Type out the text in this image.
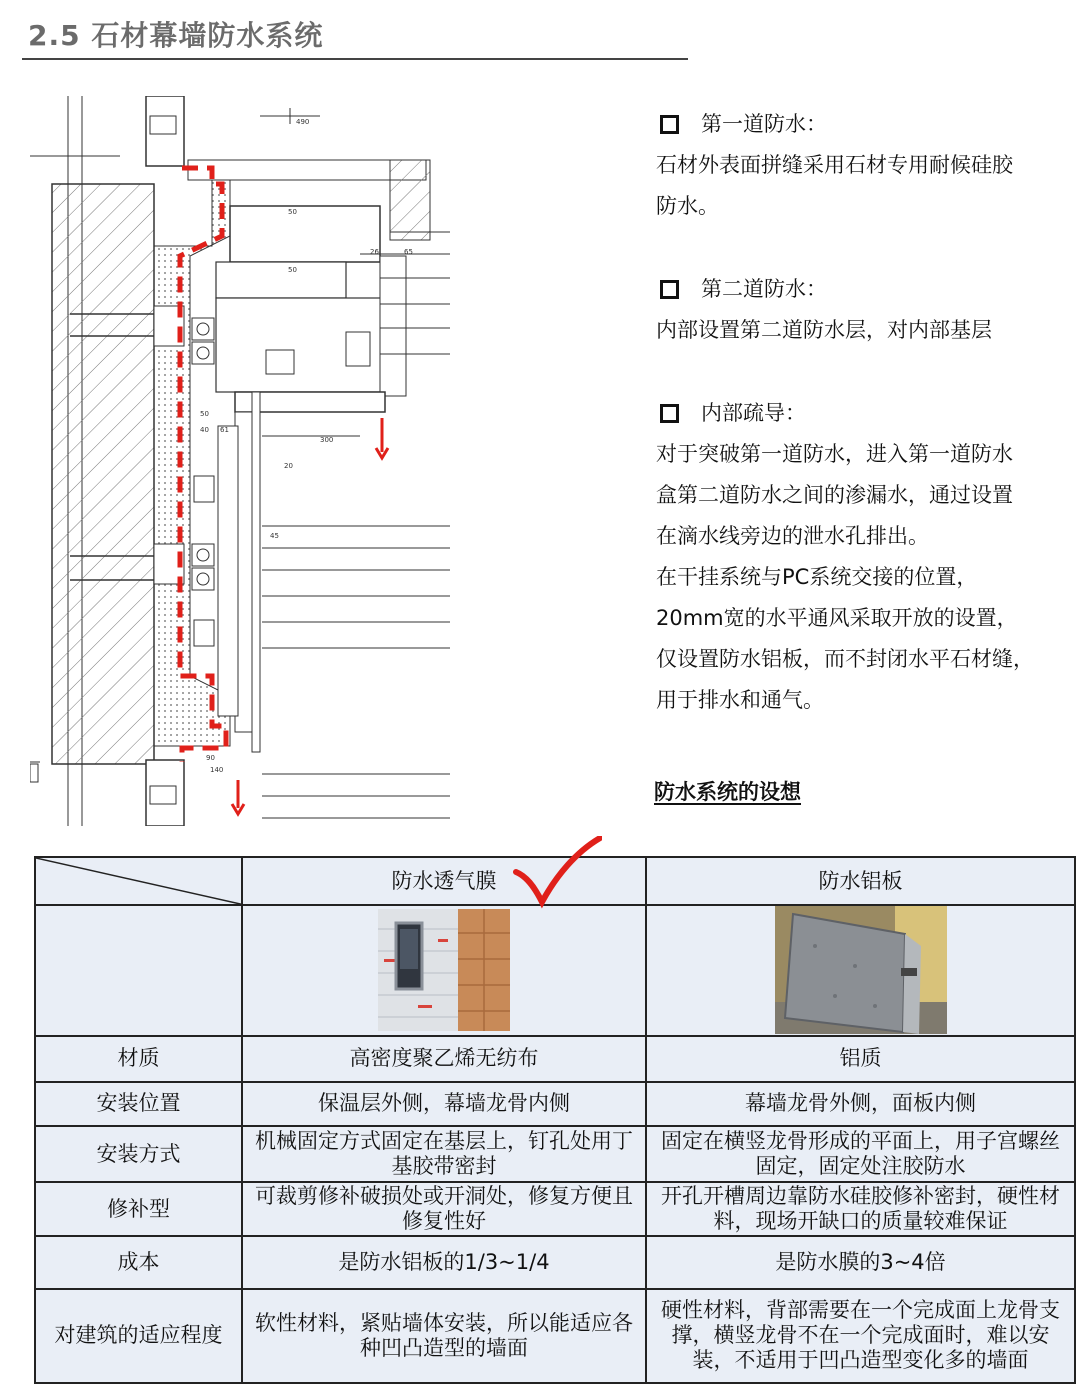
2.5 石材幕墙防水系统
490
50
50
26	65
300
20
40
50
61
90
140
45
第一道防水：
石材外表面拼缝采用石材专用耐候硅胶
防水。
第二道防水：
内部设置第二道防水层，对内部基层
内部疏导：
对于突破第一道防水，进入第一道防水
盒第二道防水之间的渗漏水，通过设置
在滴水线旁边的泄水孔排出。
在干挂系统与PC系统交接的位置，
20mm宽的水平通风采取开放的设置，
仅设置防水铝板，而不封闭水平石材缝，
用于排水和通气。
防水系统的设想
	防水透气膜	防水铝板

材质	高密度聚乙烯无纺布	铝质
安装位置	保温层外侧，幕墙龙骨内侧	幕墙龙骨外侧，面板内侧
安装方式	机械固定方式固定在基层上，钉孔处用丁基胶带密封	固定在横竖龙骨形成的平面上，用子宫螺丝固定，固定处注胶防水
修补型	可裁剪修补破损处或开洞处，修复方便且修复性好	开孔开槽周边靠防水硅胶修补密封，硬性材料，现场开缺口的质量较难保证
成本	是防水铝板的1/3~1/4	是防水膜的3~4倍
对建筑的适应程度	软性材料，紧贴墙体安装，所以能适应各种凹凸造型的墙面	硬性材料，背部需要在一个完成面上龙骨支撑，横竖龙骨不在一个完成面时，难以安装，不适用于凹凸造型变化多的墙面
